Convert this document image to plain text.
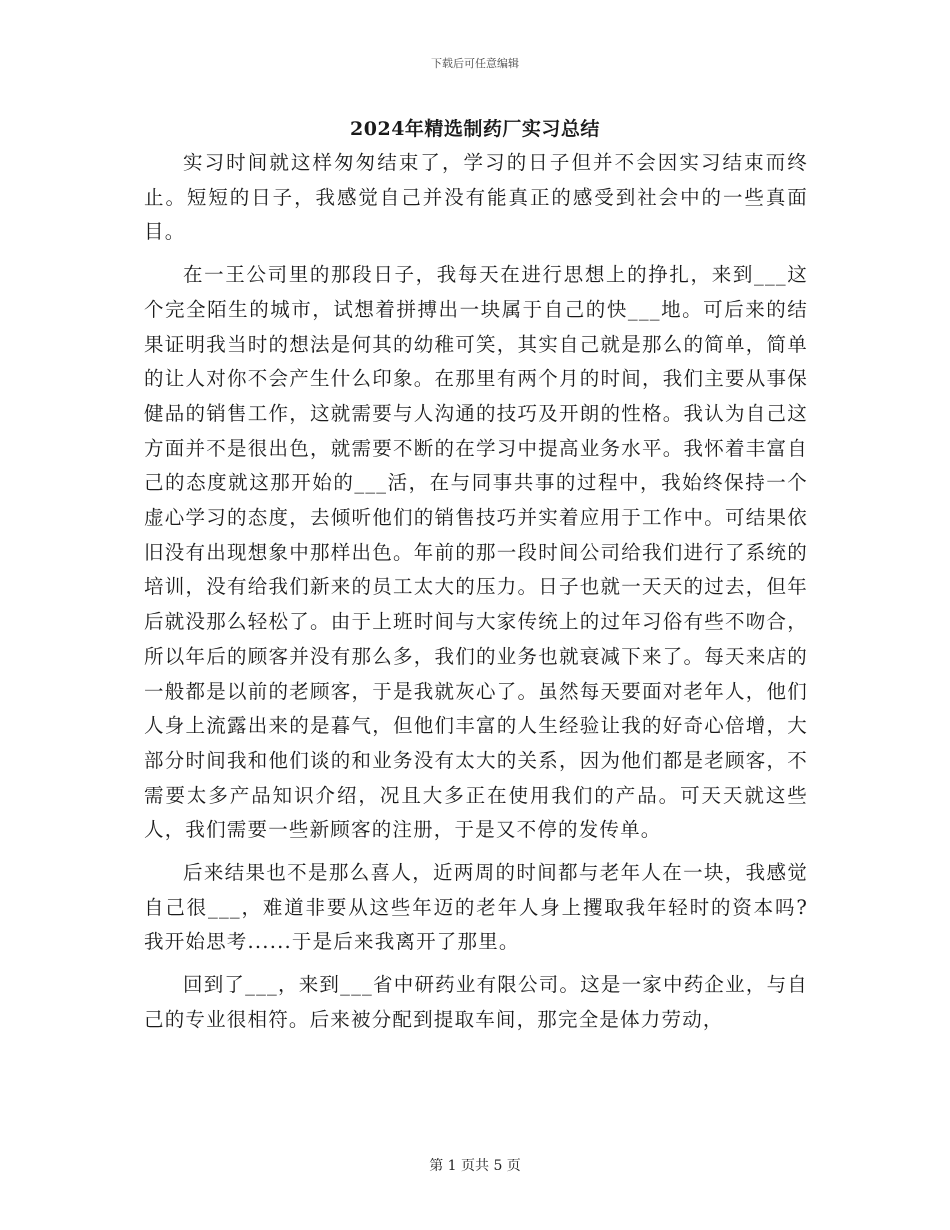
下载后可任意编辑
2024年精选制药厂实习总结

实习时间就这样匆匆结束了，学习的日子但并不会因实习结束而终止。短短的日子，我感觉自己并没有能真正的感受到社会中的一些真面目。

在一王公司里的那段日子，我每天在进行思想上的挣扎，来到___这个完全陌生的城市，试想着拼搏出一块属于自己的快___地。可后来的结果证明我当时的想法是何其的幼稚可笑，其实自己就是那么的简单，简单的让人对你不会产生什么印象。在那里有两个月的时间，我们主要从事保健品的销售工作，这就需要与人沟通的技巧及开朗的性格。我认为自己这方面并不是很出色，就需要不断的在学习中提高业务水平。我怀着丰富自己的态度就这那开始的___活，在与同事共事的过程中，我始终保持一个虚心学习的态度，去倾听他们的销售技巧并实着应用于工作中。可结果依旧没有出现想象中那样出色。年前的那一段时间公司给我们进行了系统的培训，没有给我们新来的员工太大的压力。日子也就一天天的过去，但年后就没那么轻松了。由于上班时间与大家传统上的过年习俗有些不吻合，所以年后的顾客并没有那么多，我们的业务也就衰减下来了。每天来店的一般都是以前的老顾客，于是我就灰心了。虽然每天要面对老年人，他们人身上流露出来的是暮气，但他们丰富的人生经验让我的好奇心倍增，大部分时间我和他们谈的和业务没有太大的关系，因为他们都是老顾客，不需要太多产品知识介绍，况且大多正在使用我们的产品。可天天就这些人，我们需要一些新顾客的注册，于是又不停的发传单。

后来结果也不是那么喜人，近两周的时间都与老年人在一块，我感觉自己很___，难道非要从这些年迈的老年人身上攫取我年轻时的资本吗?我开始思考......于是后来我离开了那里。

回到了___，来到___省中研药业有限公司。这是一家中药企业，与自己的专业很相符。后来被分配到提取车间，那完全是体力劳动，

第 1 页共 5 页
